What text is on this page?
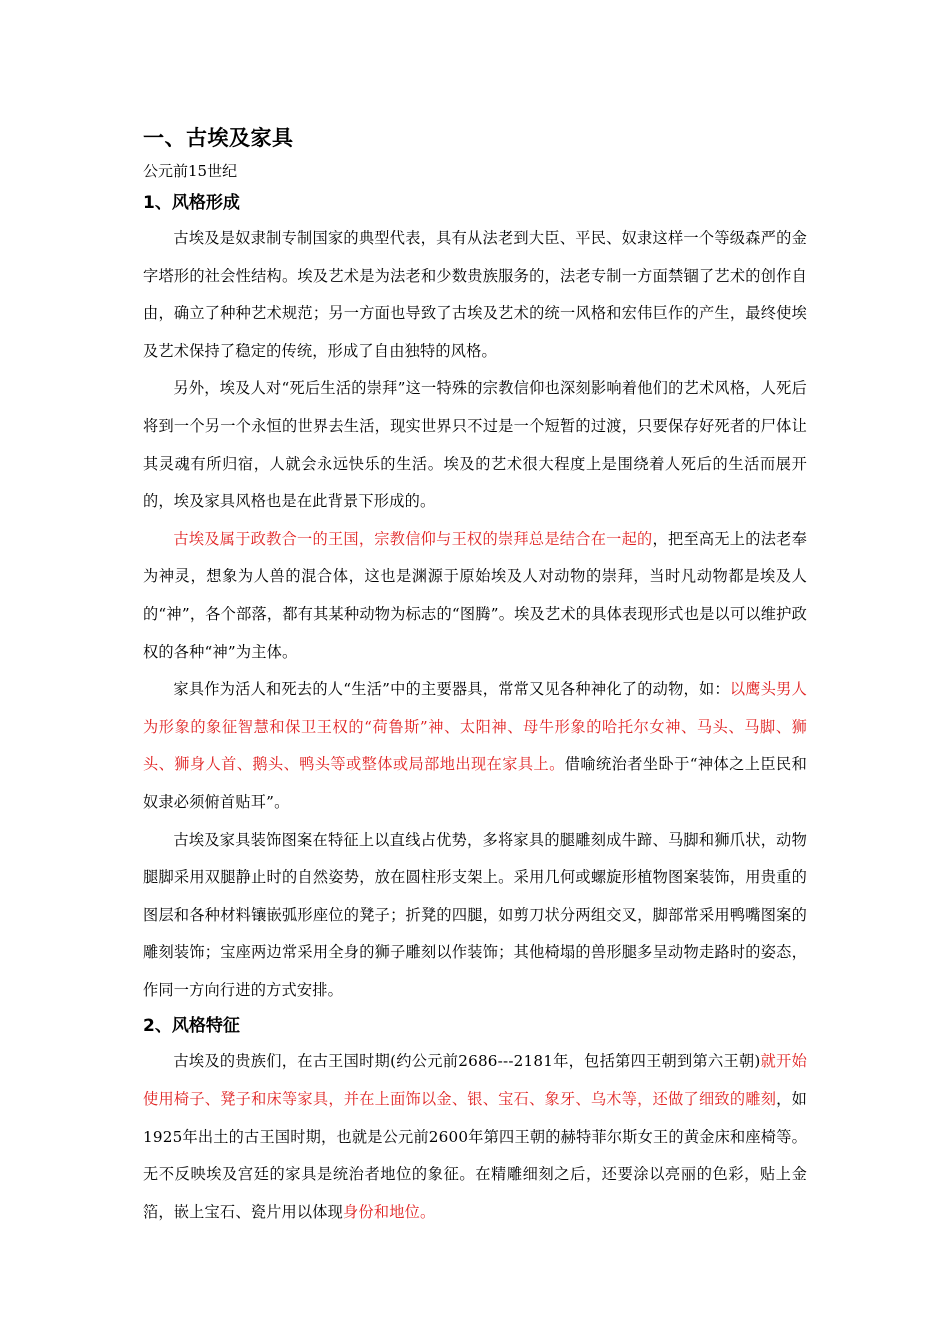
一、古埃及家具
公元前15世纪
1、风格形成

古埃及是奴隶制专制国家的典型代表，具有从法老到大臣、平民、奴隶这样一个等级森严的金字塔形的社会性结构。埃及艺术是为法老和少数贵族服务的，法老专制一方面禁锢了艺术的创作自由，确立了种种艺术规范；另一方面也导致了古埃及艺术的统一风格和宏伟巨作的产生，最终使埃及艺术保持了稳定的传统，形成了自由独特的风格。

另外，埃及人对“死后生活的崇拜”这一特殊的宗教信仰也深刻影响着他们的艺术风格，人死后将到一个另一个永恒的世界去生活，现实世界只不过是一个短暂的过渡，只要保存好死者的尸体让其灵魂有所归宿，人就会永远快乐的生活。埃及的艺术很大程度上是围绕着人死后的生活而展开的，埃及家具风格也是在此背景下形成的。

古埃及属于政教合一的王国，宗教信仰与王权的崇拜总是结合在一起的，把至高无上的法老奉为神灵，想象为人兽的混合体，这也是渊源于原始埃及人对动物的崇拜，当时凡动物都是埃及人的“神”，各个部落，都有其某种动物为标志的“图腾”。埃及艺术的具体表现形式也是以可以维护政权的各种“神”为主体。

家具作为活人和死去的人“生活”中的主要器具，常常又见各种神化了的动物，如：以鹰头男人为形象的象征智慧和保卫王权的“荷鲁斯”神、太阳神、母牛形象的哈托尔女神、马头、马脚、狮头、狮身人首、鹅头、鸭头等或整体或局部地出现在家具上。借喻统治者坐卧于“神体之上臣民和奴隶必须俯首贴耳”。

古埃及家具装饰图案在特征上以直线占优势，多将家具的腿雕刻成牛蹄、马脚和狮爪状，动物腿脚采用双腿静止时的自然姿势，放在圆柱形支架上。采用几何或螺旋形植物图案装饰，用贵重的图层和各种材料镶嵌弧形座位的凳子；折凳的四腿，如剪刀状分两组交叉，脚部常采用鸭嘴图案的雕刻装饰；宝座两边常采用全身的狮子雕刻以作装饰；其他椅塌的兽形腿多呈动物走路时的姿态，作同一方向行进的方式安排。

2、风格特征

古埃及的贵族们，在古王国时期(约公元前2686---2181年，包括第四王朝到第六王朝)就开始使用椅子、凳子和床等家具，并在上面饰以金、银、宝石、象牙、乌木等，还做了细致的雕刻，如1925年出土的古王国时期，也就是公元前2600年第四王朝的赫特菲尔斯女王的黄金床和座椅等。无不反映埃及宫廷的家具是统治者地位的象征。在精雕细刻之后，还要涂以亮丽的色彩，贴上金箔，嵌上宝石、瓷片用以体现身份和地位。
